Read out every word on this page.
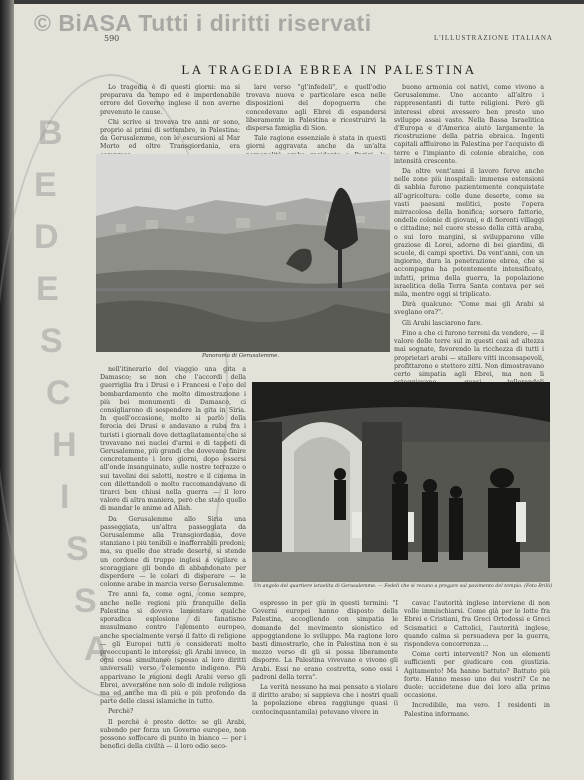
B
E
D
E
S
C
H
I
S
S
A
© BiASA Tutti i diritti riservati
590	L'ILLUSTRAZIONE ITALIANA
LA TRAGEDIA EBREA IN PALESTINA

Lo tragedia è di questi giorni: ma si preparava da tempo ed è imperdonabile errore del Governo inglese il non averne prevenuto le cause.

Chi scrive si trovava tre anni or sono, proprio ai primi di settembre, in Palestina: da Gerusalemme, con le escursioni al Mar Morto ed oltre Transgiordania, era

lare verso "gl'infedeli", e quell'odio trovava nuova e particolare esca nelle disposizioni del dopoguerra che concedevano agli Ebrei di espandersi liberamente in Palestina e ricostruirvi la dispersa famiglia di Sion.

Tale ragione essenziale è stata in questi giorni aggravata anche da un'alta

buono armonia coi nativi, come vivono a Gerusalemme. Uno accanto all'altro i rappresentanti di tutte religioni. Però gli interessi ebrei avessero ben presto uno sviluppo assai vasto. Nella Bassa Israelitica d'Europa e d'America aiutò largamente la ricostruzione della patria ebraica. Ingenti capitali affluirono in Palestina per l'acquisto di terre e l'impianto di colonie ebraiche, con intensità crescente.

Da oltre vent'anni il lavoro ferve anche nelle zone più inospitali: immense estensioni di sabbia furono pazientemente conquistate all'agricoltura: colle dune deserte, come su vasti paesani melitici, poste l'opera mirracolosa della bonifica; sorsero fattorie, ondelle colonie di giovani, e di fiorenti villaggi e cittadine; nel cuore stesso della città araba, o sui loro margini, si svilupparono ville graziose di Lorei, adorne di bei giardini, di scuole, di campi sportivi. Da vent'anni, con un ingiorno, dura la penetrazione ebrea, che si accompagna ha potentemente intensificato, infatti, prima della guerra, la popolazione israelitica della Terra Santa contava per sei mila, mentre oggi si triplicato.

Dirà qualcuno: "Come mai gli Arabi si sveglano ora?".

Gli Arabi lasciarono fare.

Fino a che ci furono terreni da vendere, — il valore delle terre sul in questi casi ad altezza mai sognate, favorendo la ricchezza di tutti i proprietari arabi — stallere vitti inconsapevoli, profittarono e stettero zitti. Non dimostravano certo simpatia agli Ebrei, ma non li

Panorama di Gerusalemme.

nell'itinerario del viaggio una gita a Damasco; se non che l'accordi della guerriglia fra i Drusi e i Francesi e l'eco del bombardamento che molto dimostrazione i più bei monumenti di Damasco, ci consigliarono di sospendere la gita in Siria. In quell'occasione, molto si parlò della ferocia dei Drusi e andavano a ruba fra i turisti i giornali dove dettagliatamente che si trovavano nei nuclei d'armi e di tappeti di Gerusalemme, più grandi che dovevano finire concretamente i loro giorni, dopo essersi all'onde insanguinato, sulle nostre terrazze o sui tavolini dei salotti, nostre e il cinema in con dilettandoli e molto raccomandavano di tirarci ben chiusi nella guerra — il loro valore di altra maniera, però che stato quello di mandar le anime ad Allah.

Da Gerusalemme allo Siria una passeggiata, un'altra passeggiata da Gerusalemme alla Transgiordania, dove stanziano i più tenibili e inafferrabili predoni; ma, su quelle due strade deserte, si stende un cordone di truppe inglesi a vigilare a scoraggiare gli bondo di abbandonato per disperdere — le colari di disperare — le colonne arabe in marcia verso Gerusalemme.

Tre anni fa, come ogni, come sempre, anche nelle regioni più tranquille della Palestina si doveva lamentare qualche sporadica esplosione di fanatismo musulmano contro l'elemento europeo, anche specialmente verso il fatto di religione — gli Europei tutti e considerati molto preoccupanti le interessi; gli Arabi invece, in ogni cosa simultaneo (spesso al loro diritti universali) verso l'elemento indigeno. Più apparivano le ragioni degli Arabi verso gli Ebrei, avversione non solo di indole religiosa ma ed anche ma di più e più profondo da parte delle classi islamiche in tutto.

Perchè?

Il perchè è presto detto: se gli Arabi, subendo per forza un Governo europeo, non possono soffocare di punto in bianco — per i benefici della civiltà — il loro odio seco-

Un angolo del quartiere israelita di Gerusalemme. — Fedeli che si recano a pregare sul pavimento del tempio. (Foto Brilli)

espresso in per giù in questi termini: "I Governi europei hanno disposto della Palestina, accogliendo con simpatia le domande del movimento sionistico ed appoggiandone lo sviluppo. Ma ragione loro basti dimostrarlo, che in Palestina non è su mezzo verso di gli si possa liberamente disporre. La Palestina vivevano e vivono gli Arabi. Essi ne erano costretta, sono essi i padroni della terra".

La verità nessuno ha mai pensato a violare il diritto arabo; si sappieva che i nostri quali la popolazione ebrea raggiunge quasi (i centocinquantamila) potevano vivere in

cavac l'autorità inglese interviene di non volle immischiarsi. Come già per le lotte fra Ebrei e Cristiani, fra Greci Ortodossi e Greci Scismatici e Cattolici, l'autorità inglese, quando calma si persuadeva per la guerra, rispondeva concorrenza ...

Come certi interventi? Non un elementi sufficienti per giudicare con giustizia. Agitamento! Ma hanno battuto? Battuto più forte. Hanno messo uno dei vostri? Ce ne duole: uccidetene due dei loro alla prima occasione.

Incredibile, ma vero. I residenti in Palestina informano.
